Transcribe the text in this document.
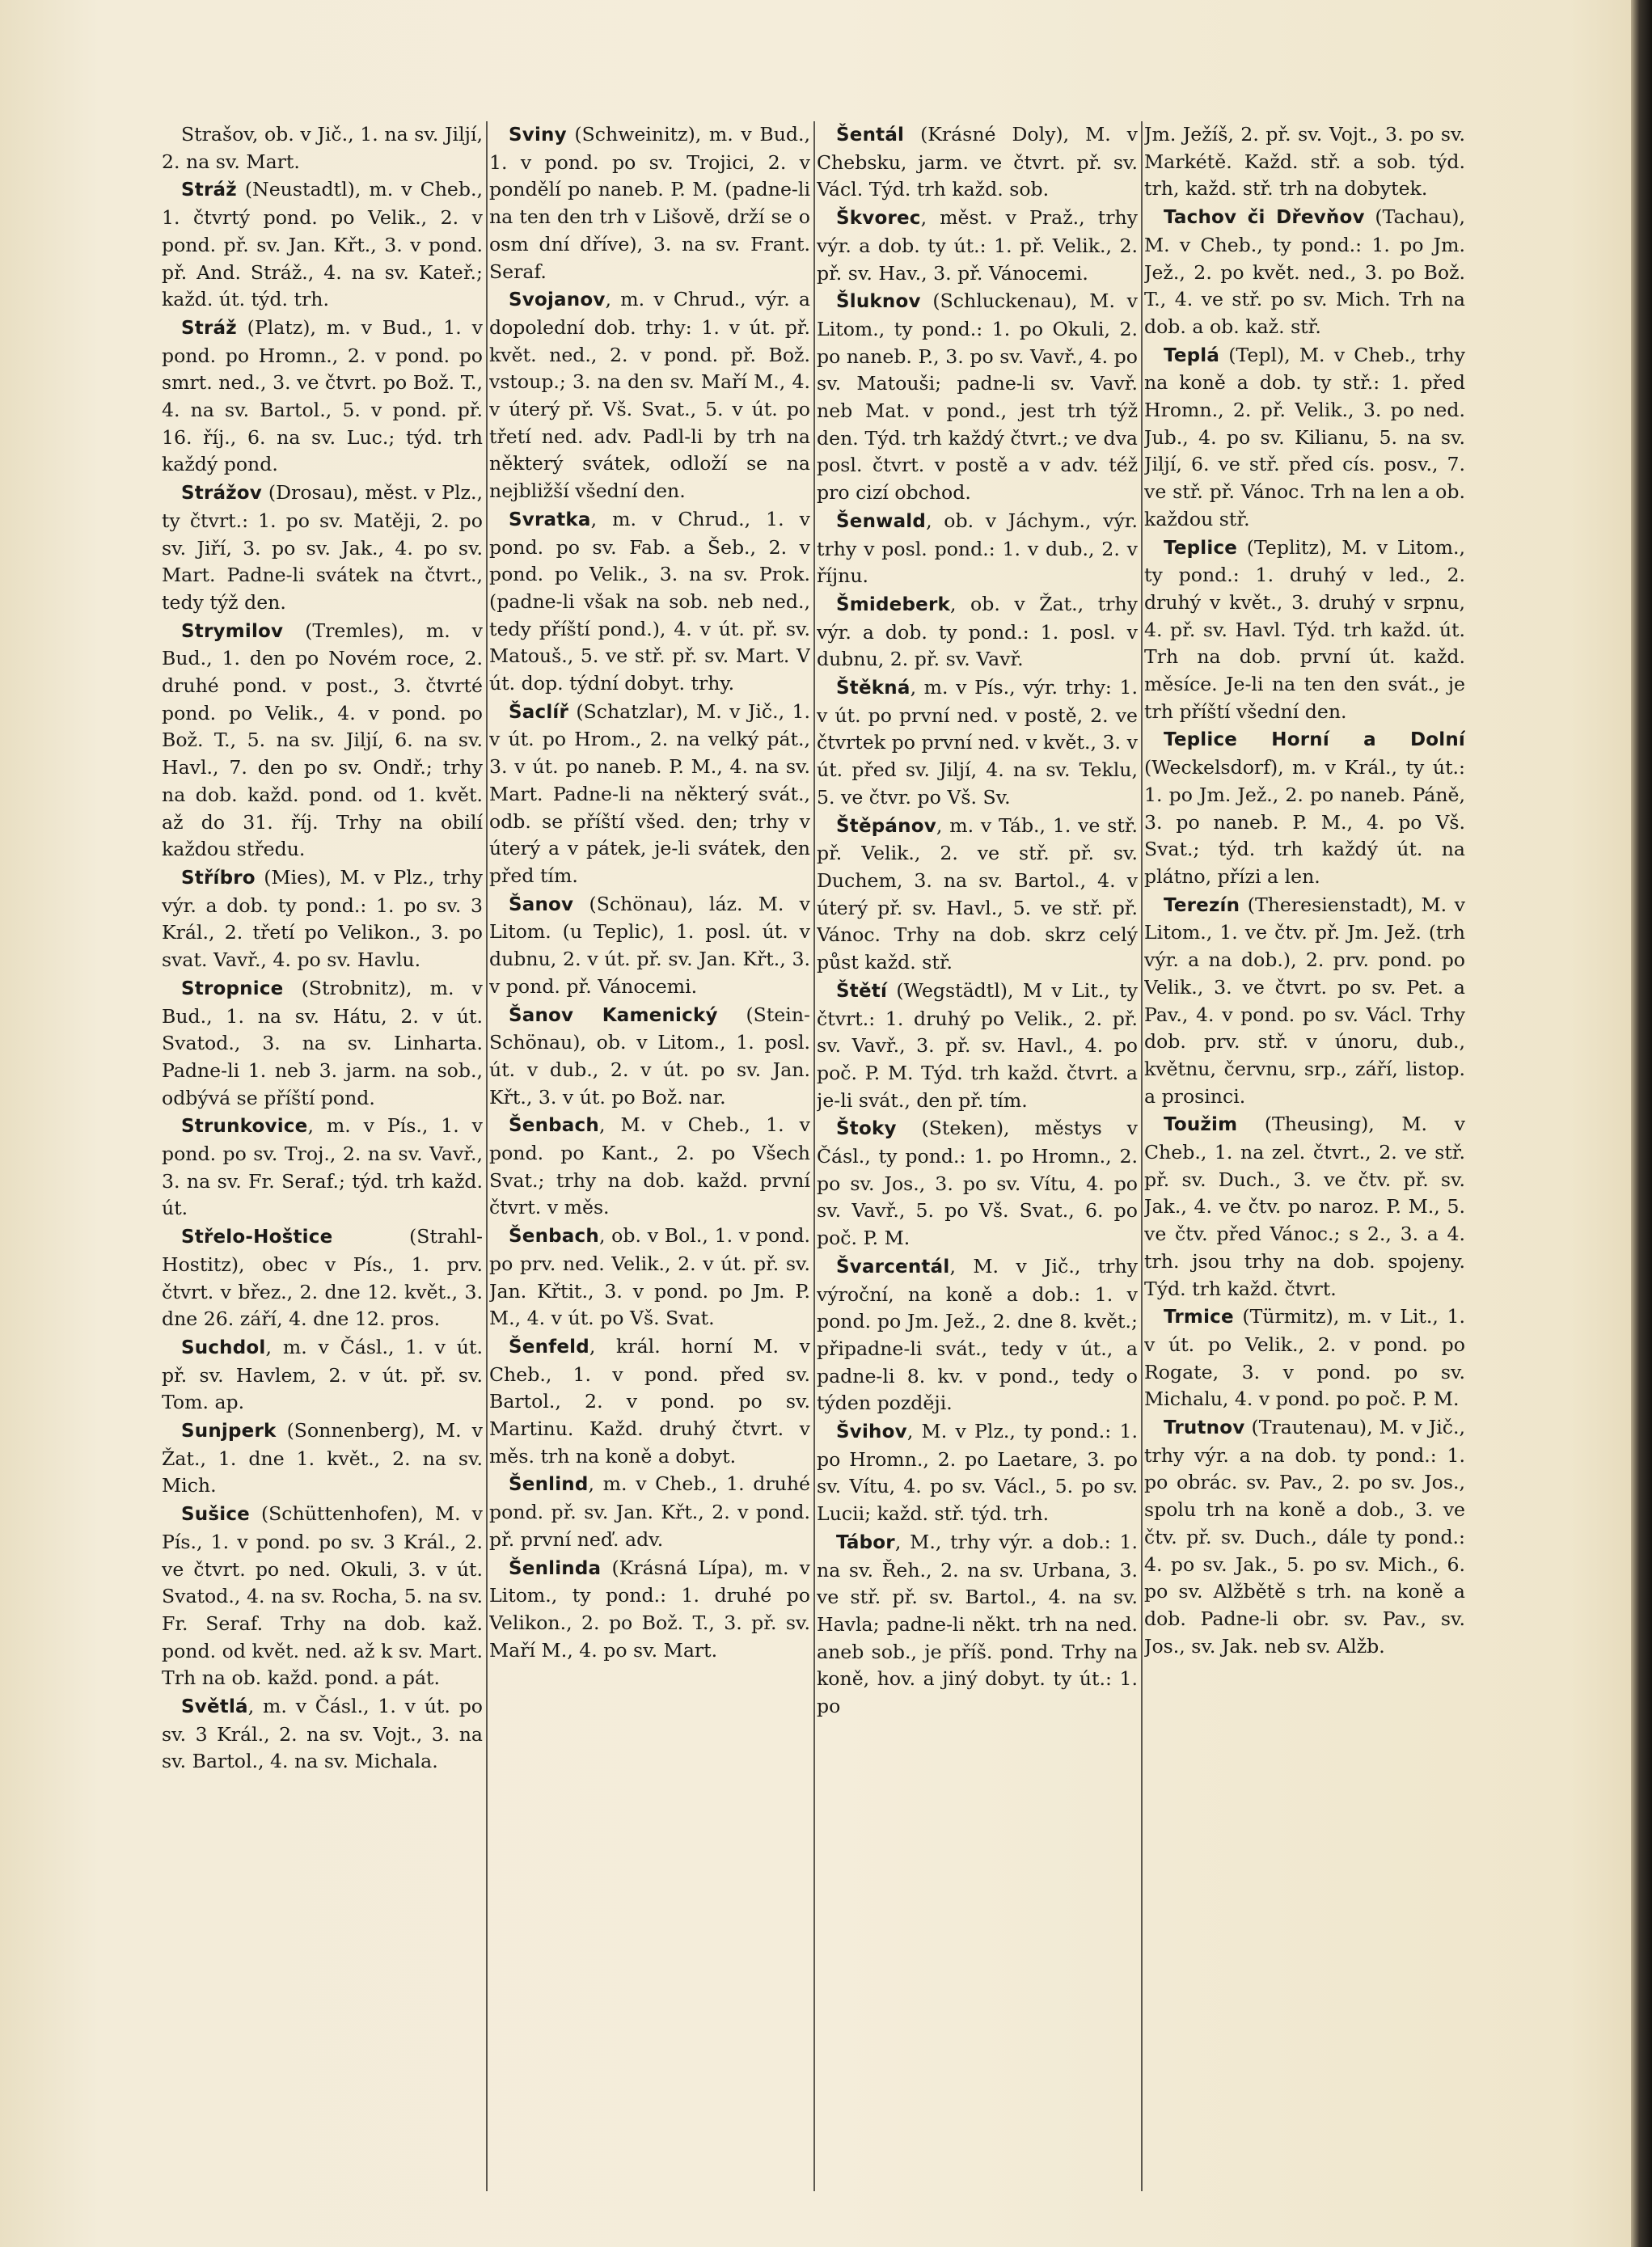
Strašov, ob. v Jič., 1. na sv. Jiljí, 2. na sv. Mart.

Stráž (Neustadtl), m. v Cheb., 1. čtvrtý pond. po Velik., 2. v pond. př. sv. Jan. Křt., 3. v pond. př. And. Stráž., 4. na sv. Kateř.; každ. út. týd. trh.

Stráž (Platz), m. v Bud., 1. v pond. po Hromn., 2. v pond. po smrt. ned., 3. ve čtvrt. po Bož. T., 4. na sv. Bartol., 5. v pond. př. 16. říj., 6. na sv. Luc.; týd. trh každý pond.

Strážov (Drosau), měst. v Plz., ty čtvrt.: 1. po sv. Matěji, 2. po sv. Jiří, 3. po sv. Jak., 4. po sv. Mart. Padne-li svátek na čtvrt., tedy týž den.

Strymilov (Tremles), m. v Bud., 1. den po Novém roce, 2. druhé pond. v post., 3. čtvrté pond. po Velik., 4. v pond. po Bož. T., 5. na sv. Jiljí, 6. na sv. Havl., 7. den po sv. Ondř.; trhy na dob. každ. pond. od 1. květ. až do 31. říj. Trhy na obilí každou středu.

Stříbro (Mies), M. v Plz., trhy výr. a dob. ty pond.: 1. po sv. 3 Král., 2. třetí po Velikon., 3. po svat. Vavř., 4. po sv. Havlu.

Stropnice (Strobnitz), m. v Bud., 1. na sv. Hátu, 2. v út. Svatod., 3. na sv. Linharta. Padne-li 1. neb 3. jarm. na sob., odbývá se příští pond.

Strunkovice, m. v Pís., 1. v pond. po sv. Troj., 2. na sv. Vavř., 3. na sv. Fr. Seraf.; týd. trh každ. út.

Střelo-Hoštice (Strahl-Hostitz), obec v Pís., 1. prv. čtvrt. v břez., 2. dne 12. květ., 3. dne 26. září, 4. dne 12. pros.

Suchdol, m. v Čásl., 1. v út. př. sv. Havlem, 2. v út. př. sv. Tom. ap.

Sunjperk (Sonnenberg), M. v Žat., 1. dne 1. květ., 2. na sv. Mich.

Sušice (Schüttenhofen), M. v Pís., 1. v pond. po sv. 3 Král., 2. ve čtvrt. po ned. Okuli, 3. v út. Svatod., 4. na sv. Rocha, 5. na sv. Fr. Seraf. Trhy na dob. kaž. pond. od květ. ned. až k sv. Mart. Trh na ob. každ. pond. a pát.

Světlá, m. v Čásl., 1. v út. po sv. 3 Král., 2. na sv. Vojt., 3. na sv. Bartol., 4. na sv. Michala.

Sviny (Schweinitz), m. v Bud., 1. v pond. po sv. Trojici, 2. v pondělí po naneb. P. M. (padne-li na ten den trh v Lišově, drží se o osm dní dříve), 3. na sv. Frant. Seraf.

Svojanov, m. v Chrud., výr. a dopolední dob. trhy: 1. v út. př. květ. ned., 2. v pond. př. Bož. vstoup.; 3. na den sv. Maří M., 4. v úterý př. Vš. Svat., 5. v út. po třetí ned. adv. Padl-li by trh na některý svátek, odloží se na nejbližší všední den.

Svratka, m. v Chrud., 1. v pond. po sv. Fab. a Šeb., 2. v pond. po Velik., 3. na sv. Prok. (padne-li však na sob. neb ned., tedy příští pond.), 4. v út. př. sv. Matouš., 5. ve stř. př. sv. Mart. V út. dop. týdní dobyt. trhy.

Šaclíř (Schatzlar), M. v Jič., 1. v út. po Hrom., 2. na velký pát., 3. v út. po naneb. P. M., 4. na sv. Mart. Padne-li na některý svát., odb. se příští všed. den; trhy v úterý a v pátek, je-li svátek, den před tím.

Šanov (Schönau), láz. M. v Litom. (u Teplic), 1. posl. út. v dubnu, 2. v út. př. sv. Jan. Křt., 3. v pond. př. Vánocemi.

Šanov Kamenický (Stein-Schönau), ob. v Litom., 1. posl. út. v dub., 2. v út. po sv. Jan. Křt., 3. v út. po Bož. nar.

Šenbach, M. v Cheb., 1. v pond. po Kant., 2. po Všech Svat.; trhy na dob. každ. první čtvrt. v měs.

Šenbach, ob. v Bol., 1. v pond. po prv. ned. Velik., 2. v út. př. sv. Jan. Křtit., 3. v pond. po Jm. P. M., 4. v út. po Vš. Svat.

Šenfeld, král. horní M. v Cheb., 1. v pond. před sv. Bartol., 2. v pond. po sv. Martinu. Každ. druhý čtvrt. v měs. trh na koně a dobyt.

Šenlind, m. v Cheb., 1. druhé pond. př. sv. Jan. Křt., 2. v pond. př. první neď. adv.

Šenlinda (Krásná Lípa), m. v Litom., ty pond.: 1. druhé po Velikon., 2. po Bož. T., 3. př. sv. Maří M., 4. po sv. Mart.

Šentál (Krásné Doly), M. v Chebsku, jarm. ve čtvrt. př. sv. Václ. Týd. trh každ. sob.

Škvorec, měst. v Praž., trhy výr. a dob. ty út.: 1. př. Velik., 2. př. sv. Hav., 3. př. Vánocemi.

Šluknov (Schluckenau), M. v Litom., ty pond.: 1. po Okuli, 2. po naneb. P., 3. po sv. Vavř., 4. po sv. Matouši; padne-li sv. Vavř. neb Mat. v pond., jest trh týž den. Týd. trh každý čtvrt.; ve dva posl. čtvrt. v postě a v adv. též pro cizí obchod.

Šenwald, ob. v Jáchym., výr. trhy v posl. pond.: 1. v dub., 2. v říjnu.

Šmideberk, ob. v Žat., trhy výr. a dob. ty pond.: 1. posl. v dubnu, 2. př. sv. Vavř.

Štěkná, m. v Pís., výr. trhy: 1. v út. po první ned. v postě, 2. ve čtvrtek po první ned. v květ., 3. v út. před sv. Jiljí, 4. na sv. Teklu, 5. ve čtvr. po Vš. Sv.

Štěpánov, m. v Táb., 1. ve stř. př. Velik., 2. ve stř. př. sv. Duchem, 3. na sv. Bartol., 4. v úterý př. sv. Havl., 5. ve stř. př. Vánoc. Trhy na dob. skrz celý půst každ. stř.

Štětí (Wegstädtl), M v Lit., ty čtvrt.: 1. druhý po Velik., 2. př. sv. Vavř., 3. př. sv. Havl., 4. po poč. P. M. Týd. trh každ. čtvrt. a je-li svát., den př. tím.

Štoky (Steken), městys v Čásl., ty pond.: 1. po Hromn., 2. po sv. Jos., 3. po sv. Vítu, 4. po sv. Vavř., 5. po Vš. Svat., 6. po poč. P. M.

Švarcentál, M. v Jič., trhy výroční, na koně a dob.: 1. v pond. po Jm. Jež., 2. dne 8. květ.; připadne-li svát., tedy v út., a padne-li 8. kv. v pond., tedy o týden později.

Švihov, M. v Plz., ty pond.: 1. po Hromn., 2. po Laetare, 3. po sv. Vítu, 4. po sv. Václ., 5. po sv. Lucii; každ. stř. týd. trh.

Tábor, M., trhy výr. a dob.: 1. na sv. Řeh., 2. na sv. Urbana, 3. ve stř. př. sv. Bartol., 4. na sv. Havla; padne-li někt. trh na ned. aneb sob., je příš. pond. Trhy na koně, hov. a jiný dobyt. ty út.: 1. po

Jm. Ježíš, 2. př. sv. Vojt., 3. po sv. Markétě. Každ. stř. a sob. týd. trh, každ. stř. trh na dobytek.

Tachov či Dřevňov (Tachau), M. v Cheb., ty pond.: 1. po Jm. Jež., 2. po květ. ned., 3. po Bož. T., 4. ve stř. po sv. Mich. Trh na dob. a ob. kaž. stř.

Teplá (Tepl), M. v Cheb., trhy na koně a dob. ty stř.: 1. před Hromn., 2. př. Velik., 3. po ned. Jub., 4. po sv. Kilianu, 5. na sv. Jiljí, 6. ve stř. před cís. posv., 7. ve stř. př. Vánoc. Trh na len a ob. každou stř.

Teplice (Teplitz), M. v Litom., ty pond.: 1. druhý v led., 2. druhý v květ., 3. druhý v srpnu, 4. př. sv. Havl. Týd. trh každ. út. Trh na dob. první út. každ. měsíce. Je-li na ten den svát., je trh příští všední den.

Teplice Horní a Dolní (Weckelsdorf), m. v Král., ty út.: 1. po Jm. Jež., 2. po naneb. Páně, 3. po naneb. P. M., 4. po Vš. Svat.; týd. trh každý út. na plátno, přízi a len.

Terezín (Theresienstadt), M. v Litom., 1. ve čtv. př. Jm. Jež. (trh výr. a na dob.), 2. prv. pond. po Velik., 3. ve čtvrt. po sv. Pet. a Pav., 4. v pond. po sv. Václ. Trhy dob. prv. stř. v únoru, dub., květnu, červnu, srp., září, listop. a prosinci.

Toužim (Theusing), M. v Cheb., 1. na zel. čtvrt., 2. ve stř. př. sv. Duch., 3. ve čtv. př. sv. Jak., 4. ve čtv. po naroz. P. M., 5. ve čtv. před Vánoc.; s 2., 3. a 4. trh. jsou trhy na dob. spojeny. Týd. trh každ. čtvrt.

Trmice (Türmitz), m. v Lit., 1. v út. po Velik., 2. v pond. po Rogate, 3. v pond. po sv. Michalu, 4. v pond. po poč. P. M.

Trutnov (Trautenau), M. v Jič., trhy výr. a na dob. ty pond.: 1. po obrác. sv. Pav., 2. po sv. Jos., spolu trh na koně a dob., 3. ve čtv. př. sv. Duch., dále ty pond.: 4. po sv. Jak., 5. po sv. Mich., 6. po sv. Alžbětě s trh. na koně a dob. Padne-li obr. sv. Pav., sv. Jos., sv. Jak. neb sv. Alžb.
